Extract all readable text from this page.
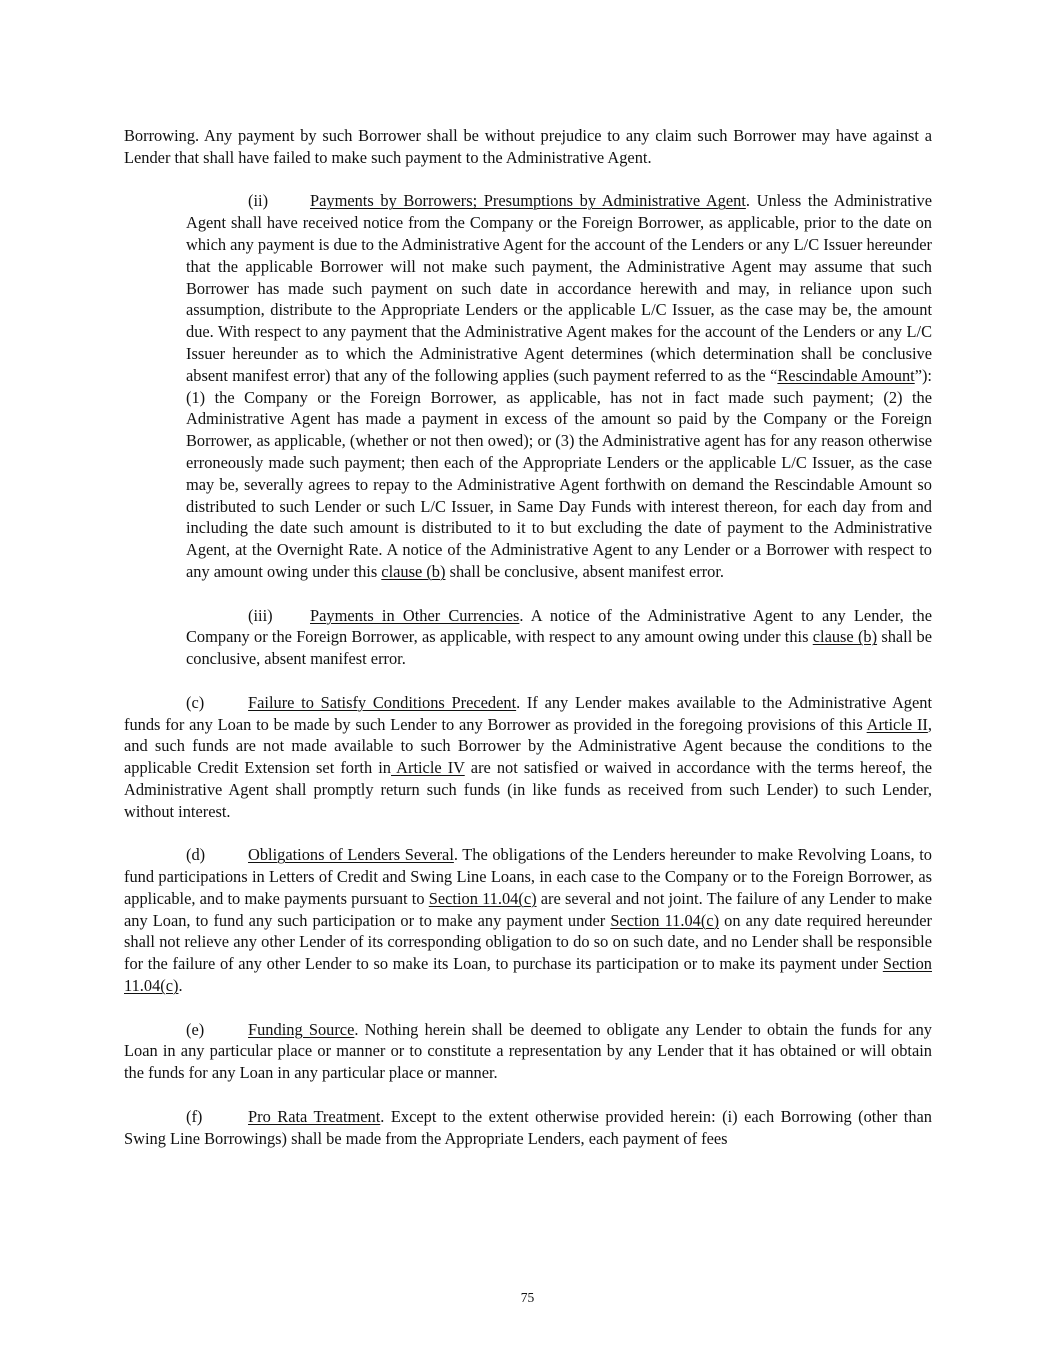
Borrowing. Any payment by such Borrower shall be without prejudice to any claim such Borrower may have against a Lender that shall have failed to make such payment to the Administrative Agent.

(ii)	Payments by Borrowers; Presumptions by Administrative Agent. Unless the Administrative Agent shall have received notice from the Company or the Foreign Borrower, as applicable, prior to the date on which any payment is due to the Administrative Agent for the account of the Lenders or any L/C Issuer hereunder that the applicable Borrower will not make such payment, the Administrative Agent may assume that such Borrower has made such payment on such date in accordance herewith and may, in reliance upon such assumption, distribute to the Appropriate Lenders or the applicable L/C Issuer, as the case may be, the amount due. With respect to any payment that the Administrative Agent makes for the account of the Lenders or any L/C Issuer hereunder as to which the Administrative Agent determines (which determination shall be conclusive absent manifest error) that any of the following applies (such payment referred to as the “Rescindable Amount”): (1) the Company or the Foreign Borrower, as applicable, has not in fact made such payment; (2) the Administrative Agent has made a payment in excess of the amount so paid by the Company or the Foreign Borrower, as applicable, (whether or not then owed); or (3) the Administrative agent has for any reason otherwise erroneously made such payment; then each of the Appropriate Lenders or the applicable L/C Issuer, as the case may be, severally agrees to repay to the Administrative Agent forthwith on demand the Rescindable Amount so distributed to such Lender or such L/C Issuer, in Same Day Funds with interest thereon, for each day from and including the date such amount is distributed to it to but excluding the date of payment to the Administrative Agent, at the Overnight Rate. A notice of the Administrative Agent to any Lender or a Borrower with respect to any amount owing under this clause (b) shall be conclusive, absent manifest error.

(iii) Payments in Other Currencies. A notice of the Administrative Agent to any Lender, the Company or the Foreign Borrower, as applicable, with respect to any amount owing under this clause (b) shall be conclusive, absent manifest error.

(c)	Failure to Satisfy Conditions Precedent. If any Lender makes available to the Administrative Agent funds for any Loan to be made by such Lender to any Borrower as provided in the foregoing provisions of this Article II, and such funds are not made available to such Borrower by the Administrative Agent because the conditions to the applicable Credit Extension set forth in Article IV are not satisfied or waived in accordance with the terms hereof, the Administrative Agent shall promptly return such funds (in like funds as received from such Lender) to such Lender, without interest.

(d)	Obligations of Lenders Several. The obligations of the Lenders hereunder to make Revolving Loans, to fund participations in Letters of Credit and Swing Line Loans, in each case to the Company or to the Foreign Borrower, as applicable, and to make payments pursuant to Section 11.04(c) are several and not joint. The failure of any Lender to make any Loan, to fund any such participation or to make any payment under Section 11.04(c) on any date required hereunder shall not relieve any other Lender of its corresponding obligation to do so on such date, and no Lender shall be responsible for the failure of any other Lender to so make its Loan, to purchase its participation or to make its payment under Section 11.04(c).

(e)	Funding Source. Nothing herein shall be deemed to obligate any Lender to obtain the funds for any Loan in any particular place or manner or to constitute a representation by any Lender that it has obtained or will obtain the funds for any Loan in any particular place or manner.

(f)	Pro Rata Treatment. Except to the extent otherwise provided herein: (i) each Borrowing (other than Swing Line Borrowings) shall be made from the Appropriate Lenders, each payment of fees

75
